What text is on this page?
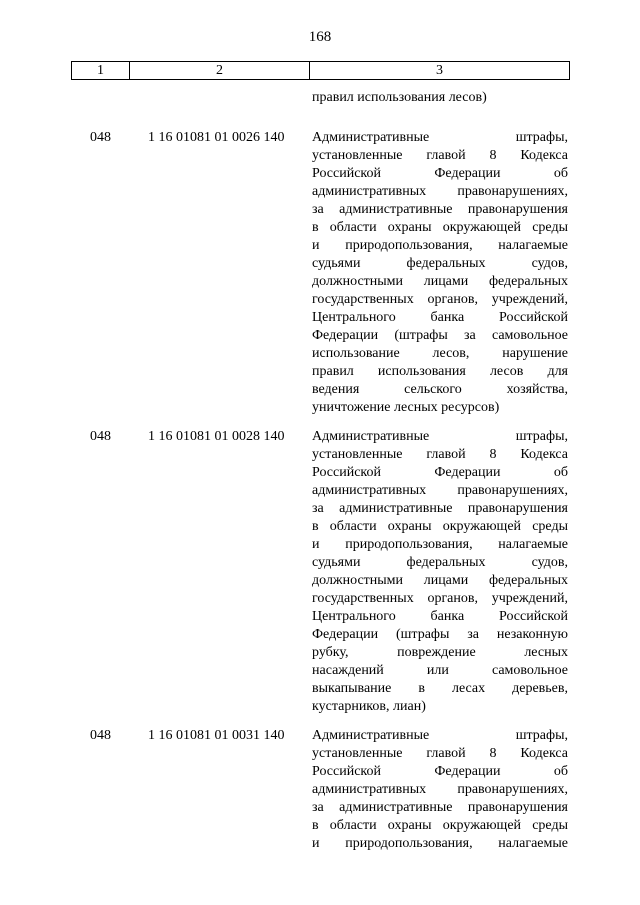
168
1	2	3
правил использования лесов)
048	1 16 01081 01 0026 140	Административные штрафы,
установленные главой 8 Кодекса
Российской Федерации об
административных правонарушениях,
за административные правонарушения
в области охраны окружающей среды
и природопользования, налагаемые
судьями федеральных судов,
должностными лицами федеральных
государственных органов, учреждений,
Центрального банка Российской
Федерации (штрафы за самовольное
использование лесов, нарушение
правил использования лесов для
ведения сельского хозяйства,
уничтожение лесных ресурсов)
048	1 16 01081 01 0028 140	Административные штрафы,
установленные главой 8 Кодекса
Российской Федерации об
административных правонарушениях,
за административные правонарушения
в области охраны окружающей среды
и природопользования, налагаемые
судьями федеральных судов,
должностными лицами федеральных
государственных органов, учреждений,
Центрального банка Российской
Федерации (штрафы за незаконную
рубку, повреждение лесных
насаждений или самовольное
выкапывание в лесах деревьев,
кустарников, лиан)
048	1 16 01081 01 0031 140	Административные штрафы,
установленные главой 8 Кодекса
Российской Федерации об
административных правонарушениях,
за административные правонарушения
в области охраны окружающей среды
и природопользования, налагаемые
